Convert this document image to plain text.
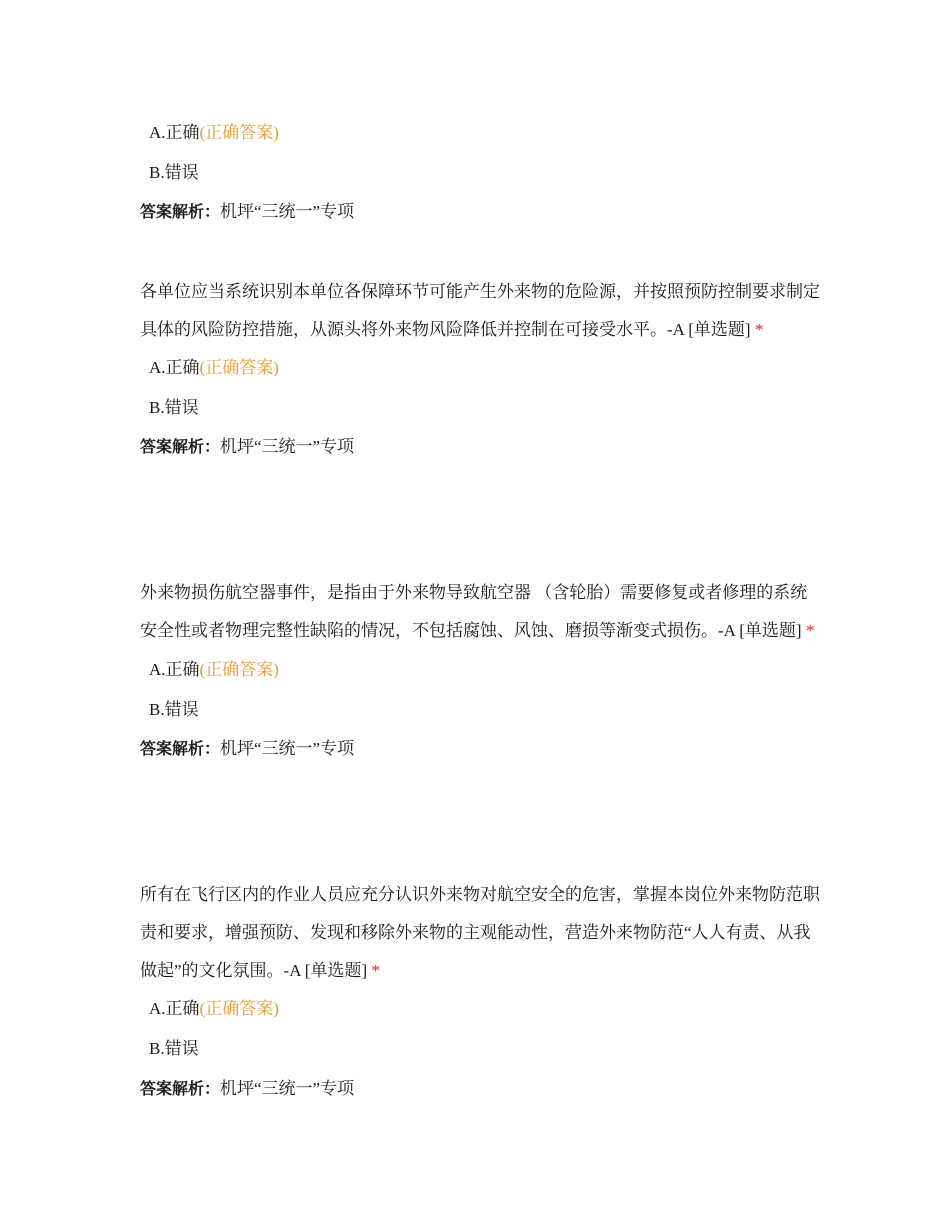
A.正确(正确答案)
B.错误
答案解析：机坪“三统一”专项

各单位应当系统识别本单位各保障环节可能产生外来物的危险源，并按照预防控制要求制定具体的风险防控措施，从源头将外来物风险降低并控制在可接受水平。-A [单选题] *

A.正确(正确答案)
B.错误
答案解析：机坪“三统一”专项

外来物损伤航空器事件，是指由于外来物导致航空器 （含轮胎）需要修复或者修理的系统安全性或者物理完整性缺陷的情况，不包括腐蚀、风蚀、磨损等渐变式损伤。-A [单选题] *

A.正确(正确答案)
B.错误
答案解析：机坪“三统一”专项

所有在飞行区内的作业人员应充分认识外来物对航空安全的危害，掌握本岗位外来物防范职责和要求，增强预防、发现和移除外来物的主观能动性，营造外来物防范“人人有责、从我做起”的文化氛围。-A [单选题] *

A.正确(正确答案)
B.错误
答案解析：机坪“三统一”专项
